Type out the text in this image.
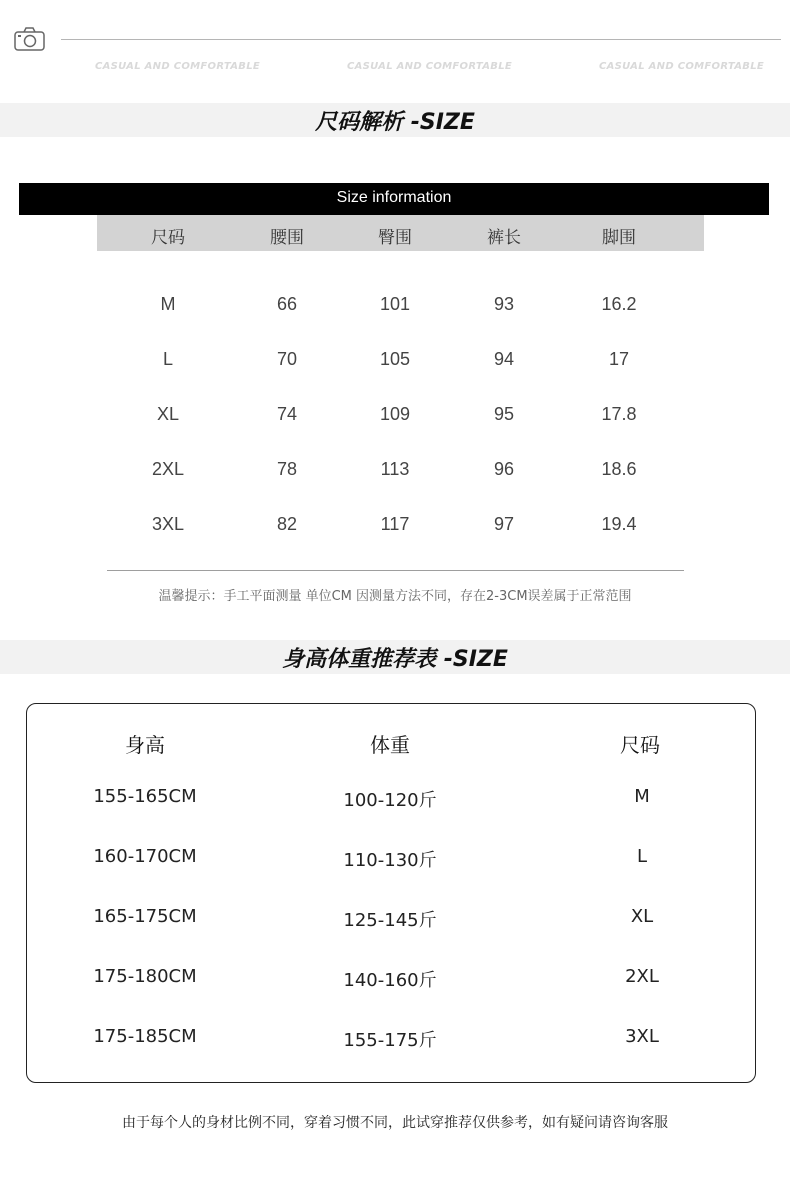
CASUAL AND COMFORTABLE	CASUAL AND COMFORTABLE	CASUAL AND COMFORTABLE
尺码解析 -SIZE
Size information
尺码	腰围	臀围	裤长	脚围
M	66	101	93	16.2
L	70	105	94	17
XL	74	109	95	17.8
2XL	78	113	96	18.6
3XL	82	117	97	19.4
温馨提示：手工平面测量 单位CM 因测量方法不同，存在2-3CM误差属于正常范围
身高体重推荐表 -SIZE
身高	体重	尺码
155-165CM	100-120斤	M
160-170CM	110-130斤	L
165-175CM	125-145斤	XL
175-180CM	140-160斤	2XL
175-185CM	155-175斤	3XL
由于每个人的身材比例不同，穿着习惯不同，此试穿推荐仅供参考，如有疑问请咨询客服
